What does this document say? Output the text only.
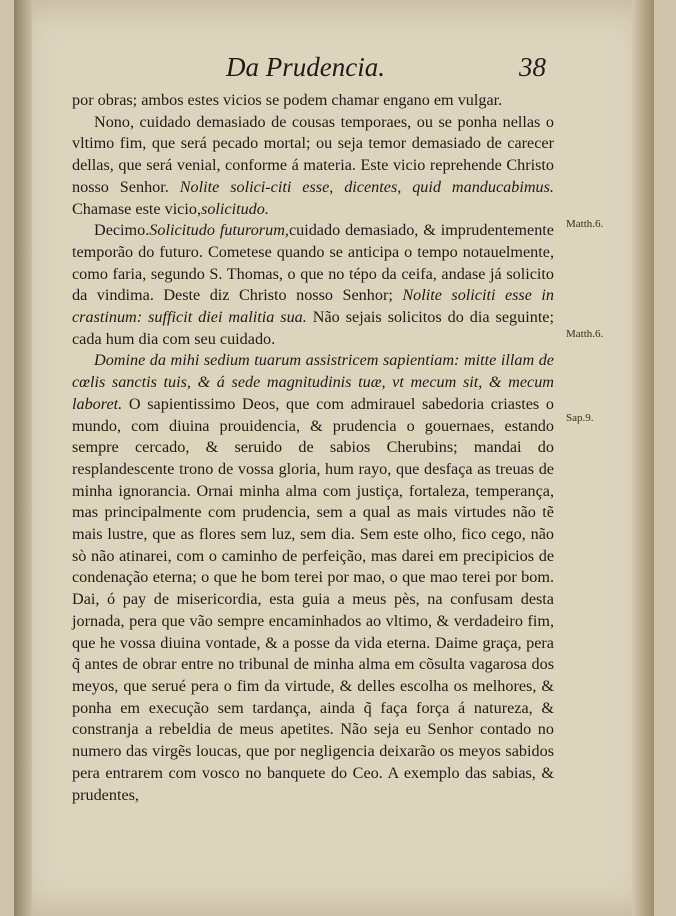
Da Prudencia.	38

por obras; ambos estes vicios se podem chamar engano em vulgar.

Nono, cuidado demasiado de cousas temporaes, ou se ponha nellas o vltimo fim, que será pecado mortal; ou seja temor demasiado de carecer dellas, que será venial, conforme á materia. Este vicio reprehende Christo nosso Senhor. Nolite solici-citi esse, dicentes, quid manducabimus. Chamase este vicio,solicitudo.

Decimo.Solicitudo futurorum,cuidado demasiado, & imprudentemente temporão do futuro. Cometese quando se anticipa o tempo notauelmente, como faria, segundo S. Thomas, o que no tépo da ceifa, andase já solicito da vindima. Deste diz Christo nosso Senhor; Nolite soliciti esse in crastinum: sufficit diei malitia sua. Não sejais solicitos do dia seguinte; cada hum dia com seu cuidado.

Domine da mihi sedium tuarum assistricem sapientiam: mitte illam de cœlis sanctis tuis, & á sede magnitudinis tuæ, vt mecum sit, & mecum laboret. O sapientissimo Deos, que com admirauel sabedoria criastes o mundo, com diuina prouidencia, & prudencia o gouernaes, estando sempre cercado, & seruido de sabios Cherubins; mandai do resplandescente trono de vossa gloria, hum rayo, que desfaça as treuas de minha ignorancia. Ornai minha alma com justiça, fortaleza, temperança, mas principalmente com prudencia, sem a qual as mais virtudes não tẽ mais lustre, que as flores sem luz, sem dia. Sem este olho, fico cego, não sò não atinarei, com o caminho de perfeição, mas darei em precipicios de condenação eterna; o que he bom terei por mao, o que mao terei por bom. Dai, ó pay de misericordia, esta guia a meus pès, na confusam desta jornada, pera que vão sempre encaminhados ao vltimo, & verdadeiro fim, que he vossa diuina vontade, & a posse da vida eterna. Daime graça, pera q̃ antes de obrar entre no tribunal de minha alma em cõsulta vagarosa dos meyos, que serué pera o fim da virtude, & delles escolha os melhores, & ponha em execução sem tardança, ainda q̃ faça força á natureza, & constranja a rebeldia de meus apetites. Não seja eu Senhor contado no numero das virgẽs loucas, que por negligencia deixarão os meyos sabidos pera entrarem com vosco no banquete do Ceo. A exemplo das sabias, & prudentes,

Matth.6.
Matth.6.
Sap.9.
